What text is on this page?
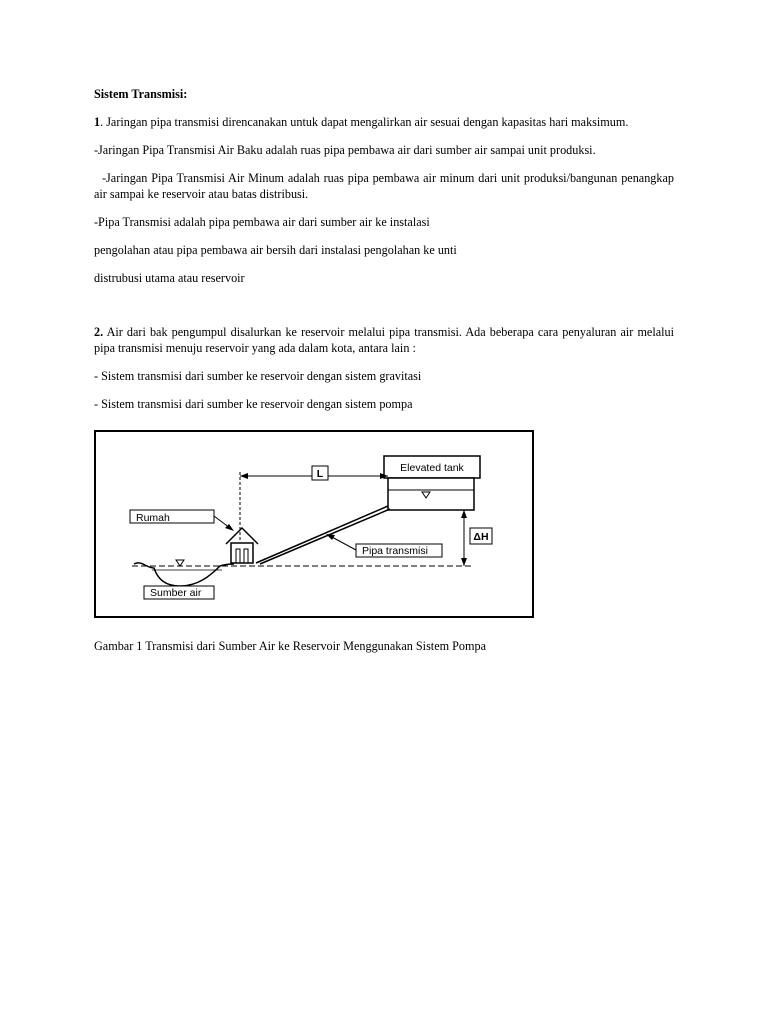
Sistem Transmisi:

1. Jaringan pipa transmisi direncanakan untuk dapat mengalirkan air sesuai dengan kapasitas hari maksimum.

-Jaringan Pipa Transmisi Air Baku adalah ruas pipa pembawa air dari sumber air sampai unit produksi.

-Jaringan Pipa Transmisi Air Minum adalah ruas pipa pembawa air minum dari unit produksi/bangunan penangkap air sampai ke reservoir atau batas distribusi.

-Pipa Transmisi adalah pipa pembawa air dari sumber air ke instalasi

pengolahan atau pipa pembawa air bersih dari instalasi pengolahan ke unti

distrubusi utama atau reservoir

2. Air dari bak pengumpul disalurkan ke reservoir melalui pipa transmisi. Ada beberapa cara penyaluran air melalui pipa transmisi menuju reservoir yang ada dalam kota, antara lain :

- Sistem transmisi dari sumber ke reservoir dengan sistem gravitasi

- Sistem transmisi dari sumber ke reservoir dengan sistem pompa

Elevated tank
L
Rumah
Pipa transmisi
ΔH
Sumber air
Gambar 1 Transmisi dari Sumber Air ke Reservoir Menggunakan Sistem Pompa
